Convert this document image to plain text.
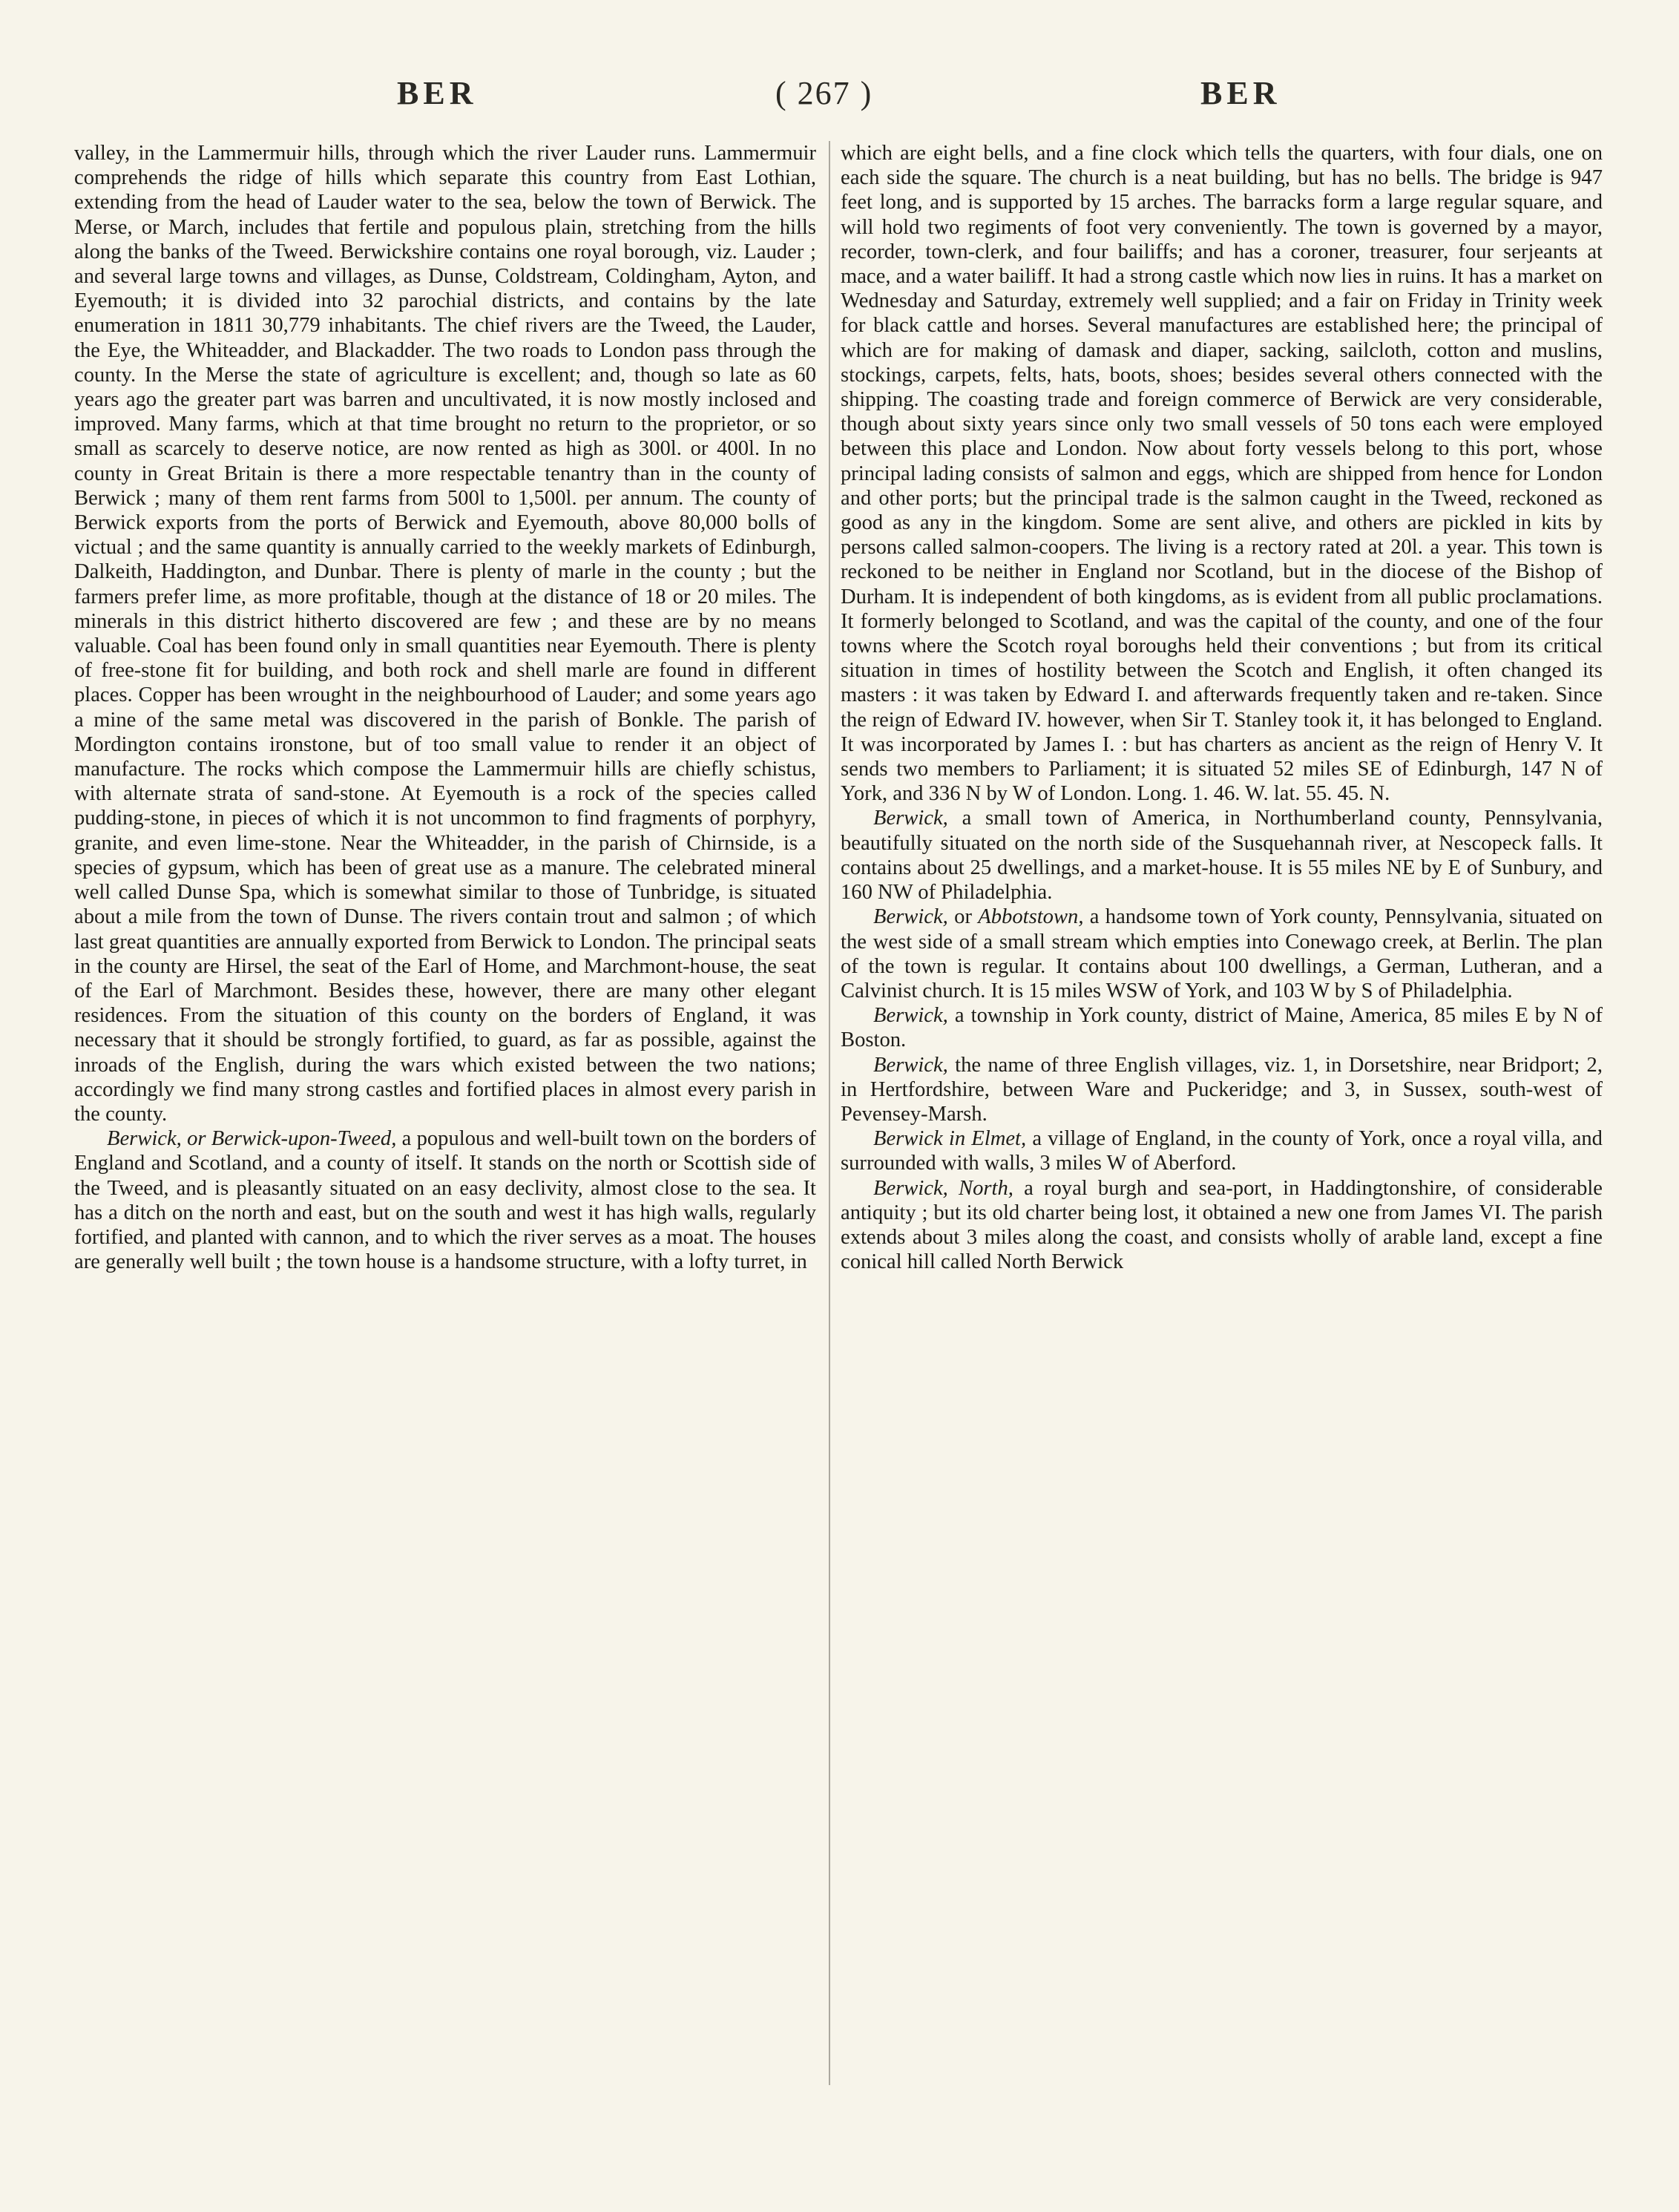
BER	( 267 )	BER

valley, in the Lammermuir hills, through which the river Lauder runs. Lammermuir comprehends the ridge of hills which separate this country from East Lothian, extending from the head of Lauder water to the sea, below the town of Berwick. The Merse, or March, includes that fertile and populous plain, stretching from the hills along the banks of the Tweed. Berwickshire contains one royal borough, viz. Lauder ; and several large towns and villages, as Dunse, Coldstream, Coldingham, Ayton, and Eyemouth; it is divided into 32 parochial districts, and contains by the late enumeration in 1811 30,779 inhabitants. The chief rivers are the Tweed, the Lauder, the Eye, the Whiteadder, and Blackadder. The two roads to London pass through the county. In the Merse the state of agriculture is excellent; and, though so late as 60 years ago the greater part was barren and uncultivated, it is now mostly inclosed and improved. Many farms, which at that time brought no return to the proprietor, or so small as scarcely to deserve notice, are now rented as high as 300l. or 400l. In no county in Great Britain is there a more respectable tenantry than in the county of Berwick ; many of them rent farms from 500l to 1,500l. per annum. The county of Berwick exports from the ports of Berwick and Eyemouth, above 80,000 bolls of victual ; and the same quantity is annually carried to the weekly markets of Edinburgh, Dalkeith, Haddington, and Dunbar. There is plenty of marle in the county ; but the farmers prefer lime, as more profitable, though at the distance of 18 or 20 miles. The minerals in this district hitherto discovered are few ; and these are by no means valuable. Coal has been found only in small quantities near Eyemouth. There is plenty of free-stone fit for building, and both rock and shell marle are found in different places. Copper has been wrought in the neighbourhood of Lauder; and some years ago a mine of the same metal was discovered in the parish of Bonkle. The parish of Mordington contains ironstone, but of too small value to render it an object of manufacture. The rocks which compose the Lammermuir hills are chiefly schistus, with alternate strata of sand-stone. At Eyemouth is a rock of the species called pudding-stone, in pieces of which it is not uncommon to find fragments of porphyry, granite, and even lime-stone. Near the Whiteadder, in the parish of Chirnside, is a species of gypsum, which has been of great use as a manure. The celebrated mineral well called Dunse Spa, which is somewhat similar to those of Tunbridge, is situated about a mile from the town of Dunse. The rivers contain trout and salmon ; of which last great quantities are annually exported from Berwick to London. The principal seats in the county are Hirsel, the seat of the Earl of Home, and Marchmont-house, the seat of the Earl of Marchmont. Besides these, however, there are many other elegant residences. From the situation of this county on the borders of England, it was necessary that it should be strongly fortified, to guard, as far as possible, against the inroads of the English, during the wars which existed between the two nations; accordingly we find many strong castles and fortified places in almost every parish in the county.

Berwick, or Berwick-upon-Tweed, a populous and well-built town on the borders of England and Scotland, and a county of itself. It stands on the north or Scottish side of the Tweed, and is pleasantly situated on an easy declivity, almost close to the sea. It has a ditch on the north and east, but on the south and west it has high walls, regularly fortified, and planted with cannon, and to which the river serves as a moat. The houses are generally well built ; the town house is a handsome structure, with a lofty turret, in

which are eight bells, and a fine clock which tells the quarters, with four dials, one on each side the square. The church is a neat building, but has no bells. The bridge is 947 feet long, and is supported by 15 arches. The barracks form a large regular square, and will hold two regiments of foot very conveniently. The town is governed by a mayor, recorder, town-clerk, and four bailiffs; and has a coroner, treasurer, four serjeants at mace, and a water bailiff. It had a strong castle which now lies in ruins. It has a market on Wednesday and Saturday, extremely well supplied; and a fair on Friday in Trinity week for black cattle and horses. Several manufactures are established here; the principal of which are for making of damask and diaper, sacking, sailcloth, cotton and muslins, stockings, carpets, felts, hats, boots, shoes; besides several others connected with the shipping. The coasting trade and foreign commerce of Berwick are very considerable, though about sixty years since only two small vessels of 50 tons each were employed between this place and London. Now about forty vessels belong to this port, whose principal lading consists of salmon and eggs, which are shipped from hence for London and other ports; but the principal trade is the salmon caught in the Tweed, reckoned as good as any in the kingdom. Some are sent alive, and others are pickled in kits by persons called salmon-coopers. The living is a rectory rated at 20l. a year. This town is reckoned to be neither in England nor Scotland, but in the diocese of the Bishop of Durham. It is independent of both kingdoms, as is evident from all public proclamations. It formerly belonged to Scotland, and was the capital of the county, and one of the four towns where the Scotch royal boroughs held their conventions ; but from its critical situation in times of hostility between the Scotch and English, it often changed its masters : it was taken by Edward I. and afterwards frequently taken and re-taken. Since the reign of Edward IV. however, when Sir T. Stanley took it, it has belonged to England. It was incorporated by James I. : but has charters as ancient as the reign of Henry V. It sends two members to Parliament; it is situated 52 miles SE of Edinburgh, 147 N of York, and 336 N by W of London. Long. 1. 46. W. lat. 55. 45. N.

Berwick, a small town of America, in Northumberland county, Pennsylvania, beautifully situated on the north side of the Susquehannah river, at Nescopeck falls. It contains about 25 dwellings, and a market-house. It is 55 miles NE by E of Sunbury, and 160 NW of Philadelphia.

Berwick, or Abbotstown, a handsome town of York county, Pennsylvania, situated on the west side of a small stream which empties into Conewago creek, at Berlin. The plan of the town is regular. It contains about 100 dwellings, a German, Lutheran, and a Calvinist church. It is 15 miles WSW of York, and 103 W by S of Philadelphia.

Berwick, a township in York county, district of Maine, America, 85 miles E by N of Boston.

Berwick, the name of three English villages, viz. 1, in Dorsetshire, near Bridport; 2, in Hertfordshire, between Ware and Puckeridge; and 3, in Sussex, south-west of Pevensey-Marsh.

Berwick in Elmet, a village of England, in the county of York, once a royal villa, and surrounded with walls, 3 miles W of Aberford.

Berwick, North, a royal burgh and sea-port, in Haddingtonshire, of considerable antiquity ; but its old charter being lost, it obtained a new one from James VI. The parish extends about 3 miles along the coast, and consists wholly of arable land, except a fine conical hill called North Berwick
